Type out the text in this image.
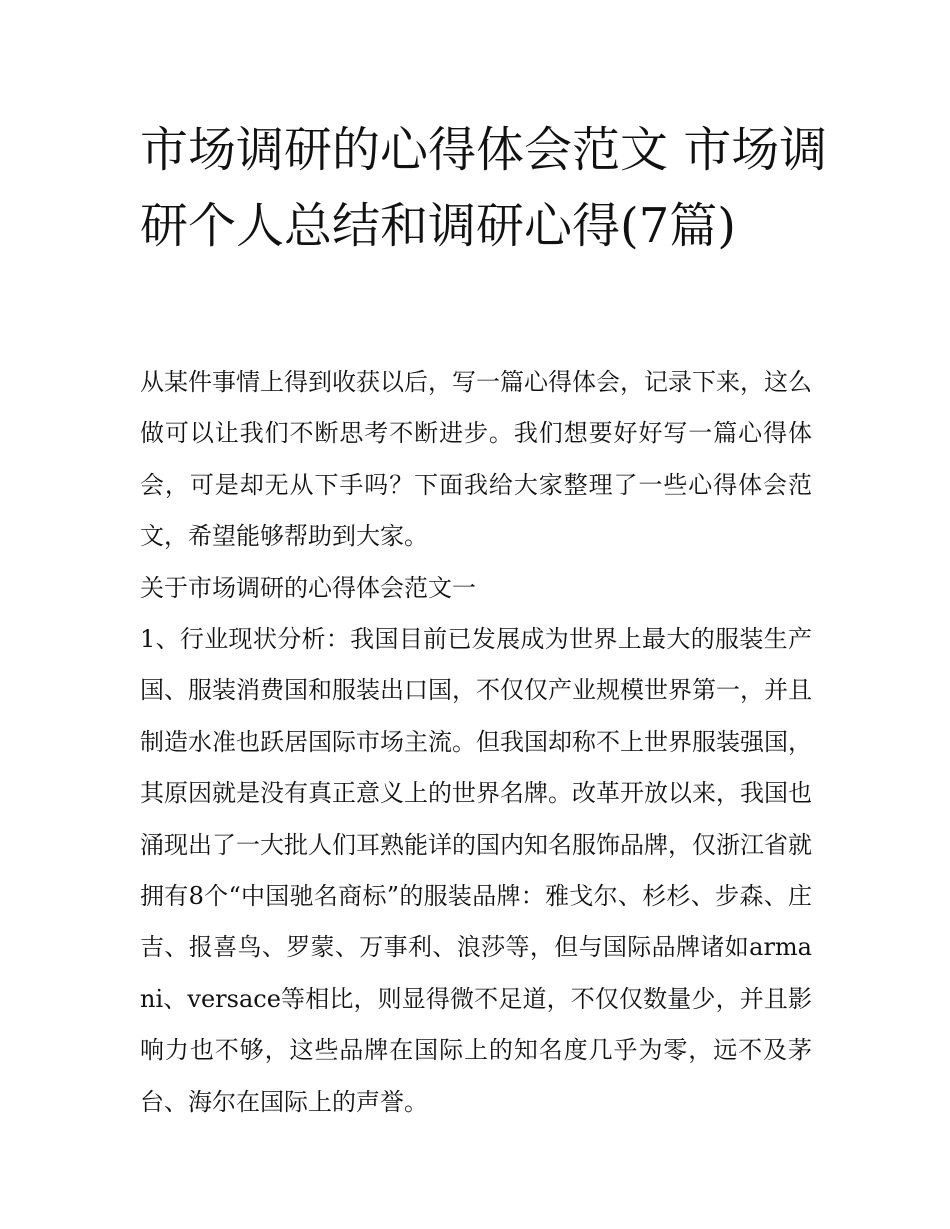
市场调研的心得体会范文 市场调研个人总结和调研心得(7篇)

从某件事情上得到收获以后，写一篇心得体会，记录下来，这么做可以让我们不断思考不断进步。我们想要好好写一篇心得体会，可是却无从下手吗？下面我给大家整理了一些心得体会范文，希望能够帮助到大家。

关于市场调研的心得体会范文一

1、行业现状分析：我国目前已发展成为世界上最大的服装生产国、服装消费国和服装出口国，不仅仅产业规模世界第一，并且制造水准也跃居国际市场主流。但我国却称不上世界服装强国，其原因就是没有真正意义上的世界名牌。改革开放以来，我国也涌现出了一大批人们耳熟能详的国内知名服饰品牌，仅浙江省就拥有8个“中国驰名商标”的服装品牌：雅戈尔、杉杉、步森、庄吉、报喜鸟、罗蒙、万事利、浪莎等，但与国际品牌诸如armani、versace等相比，则显得微不足道，不仅仅数量少，并且影响力也不够，这些品牌在国际上的知名度几乎为零，远不及茅台、海尔在国际上的声誉。
